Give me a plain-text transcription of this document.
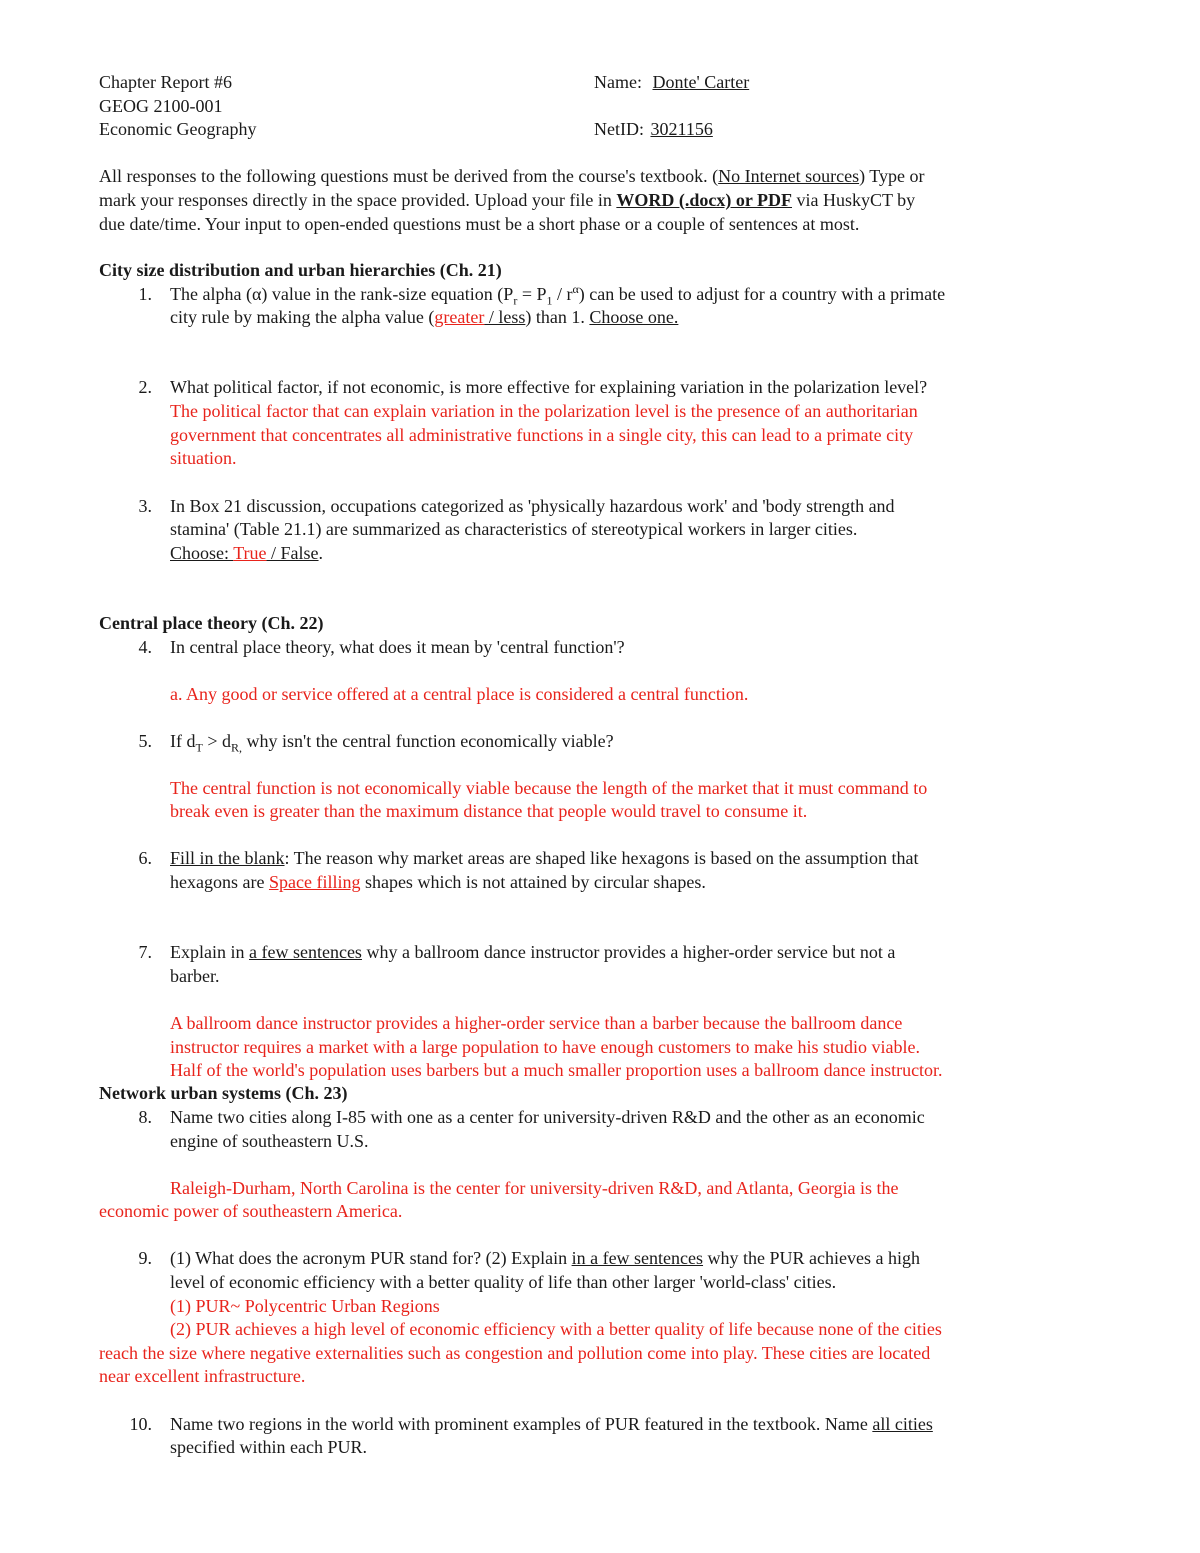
Chapter Report #6
GEOG 2100-001
Economic Geography
Name: Donte' Carter
NetID: 3021156
All responses to the following questions must be derived from the course's textbook. (No Internet sources) Type or
mark your responses directly in the space provided. Upload your file in WORD (.docx) or PDF via HuskyCT by
due date/time. Your input to open-ended questions must be a short phase or a couple of sentences at most.
City size distribution and urban hierarchies (Ch. 21)
1. The alpha (α) value in the rank-size equation $(P_r = P_1 / r^\alpha)$ can be used to adjust for a country with a primate
city rule by making the alpha value (greater / less) than 1. Choose one.
2. What political factor, if not economic, is more effective for explaining variation in the polarization level?
The political factor that can explain variation in the polarization level is the presence of an authoritarian
government that concentrates all administrative functions in a single city, this can lead to a primate city
situation.
3. In Box 21 discussion, occupations categorized as 'physically hazardous work' and 'body strength and
stamina' (Table 21.1) are summarized as characteristics of stereotypical workers in larger cities.
Choose: True / False.
Central place theory (Ch. 22)
4. In central place theory, what does it mean by 'central function'?
a. Any good or service offered at a central place is considered a central function.
5. If $d_T > d_{R,}$ why isn't the central function economically viable?
The central function is not economically viable because the length of the market that it must command to
break even is greater than the maximum distance that people would travel to consume it.
6. Fill in the blank: The reason why market areas are shaped like hexagons is based on the assumption that
hexagons are Space filling shapes which is not attained by circular shapes.
7. Explain in a few sentences why a ballroom dance instructor provides a higher-order service but not a
barber.
A ballroom dance instructor provides a higher-order service than a barber because the ballroom dance
instructor requires a market with a large population to have enough customers to make his studio viable.
Half of the world's population uses barbers but a much smaller proportion uses a ballroom dance instructor.
Network urban systems (Ch. 23)
8. Name two cities along I-85 with one as a center for university-driven R&D and the other as an economic
engine of southeastern U.S.
Raleigh-Durham, North Carolina is the center for university-driven R&D, and Atlanta, Georgia is the
economic power of southeastern America.
9. (1) What does the acronym PUR stand for? (2) Explain in a few sentences why the PUR achieves a high
level of economic efficiency with a better quality of life than other larger 'world-class' cities.
(1) PUR~ Polycentric Urban Regions
(2) PUR achieves a high level of economic efficiency with a better quality of life because none of the cities
reach the size where negative externalities such as congestion and pollution come into play. These cities are located
near excellent infrastructure.
10. Name two regions in the world with prominent examples of PUR featured in the textbook. Name all cities
specified within each PUR.
